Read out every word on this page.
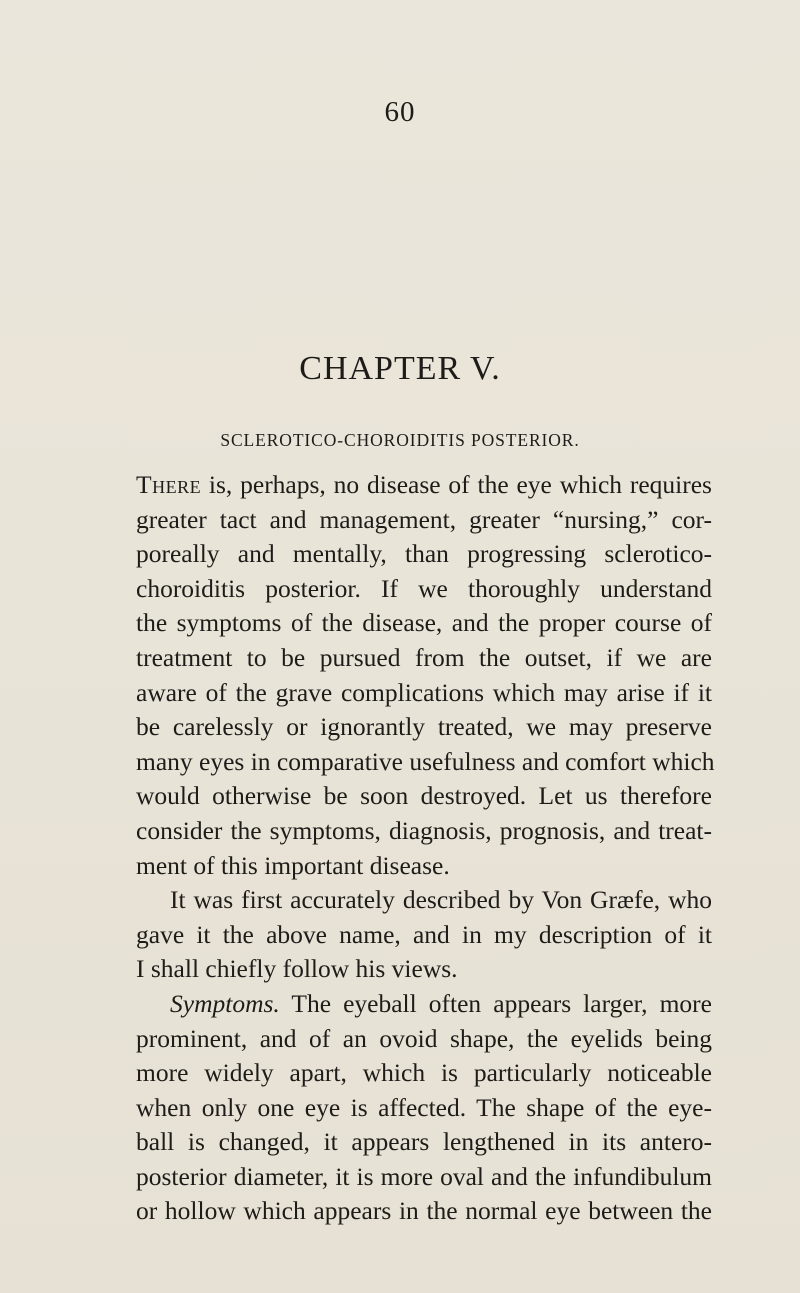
60
CHAPTER V.
SCLEROTICO-CHOROIDITIS POSTERIOR.
There is, perhaps, no disease of the eye which requires
greater tact and management, greater “nursing,” cor-
poreally and mentally, than progressing sclerotico-
choroiditis posterior. If we thoroughly understand
the symptoms of the disease, and the proper course of
treatment to be pursued from the outset, if we are
aware of the grave complications which may arise if it
be carelessly or ignorantly treated, we may preserve
many eyes in comparative usefulness and comfort which
would otherwise be soon destroyed. Let us therefore
consider the symptoms, diagnosis, prognosis, and treat-
ment of this important disease.
It was first accurately described by Von Græfe, who
gave it the above name, and in my description of it
I shall chiefly follow his views.
Symptoms. The eyeball often appears larger, more
prominent, and of an ovoid shape, the eyelids being
more widely apart, which is particularly noticeable
when only one eye is affected. The shape of the eye-
ball is changed, it appears lengthened in its antero-
posterior diameter, it is more oval and the infundibulum
or hollow which appears in the normal eye between the
